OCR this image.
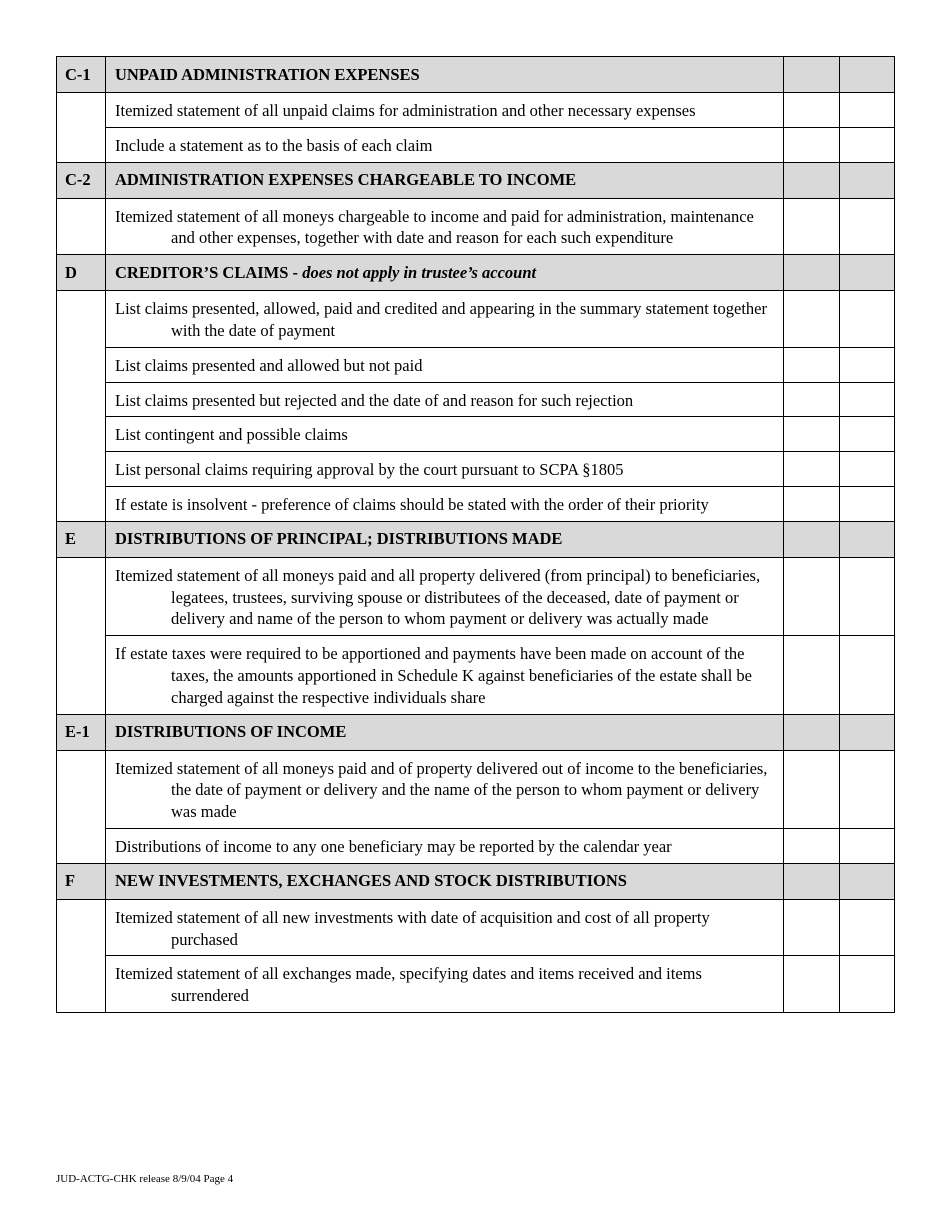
C-1	UNPAID ADMINISTRATION EXPENSES		

	Itemized statement of all unpaid claims for administration and other necessary expenses		

	Include a statement as to the basis of each claim		

C-2	ADMINISTRATION EXPENSES CHARGEABLE TO INCOME		

	Itemized statement of all moneys chargeable to income and paid for administration, maintenance and other expenses, together with date and reason for each such expenditure		

D	CREDITOR’S CLAIMS - does not apply in trustee’s account		

	List claims presented, allowed, paid and credited and appearing in the summary statement together with the date of payment		

	List claims presented and allowed but not paid		

	List claims presented but rejected and the date of and reason for such rejection		

	List contingent and possible claims		

	List personal claims requiring approval by the court pursuant to SCPA §1805		

	If estate is insolvent - preference of claims should be stated with the order of their priority		

E	DISTRIBUTIONS OF PRINCIPAL; DISTRIBUTIONS MADE		

	Itemized statement of all moneys paid and all property delivered (from principal) to beneficiaries, legatees, trustees, surviving spouse or distributees of the deceased, date of payment or delivery and name of the person to whom payment or delivery was actually made		

	If estate taxes were required to be apportioned and payments have been made on account of the taxes, the amounts apportioned in Schedule K against beneficiaries of the estate shall be charged against the respective individuals share		

E-1	DISTRIBUTIONS OF INCOME		

	Itemized statement of all moneys paid and of property delivered out of income to the beneficiaries, the date of payment or delivery and the name of the person to whom payment or delivery was made		

	Distributions of income to any one beneficiary may be reported by the calendar year		

F	NEW INVESTMENTS, EXCHANGES AND STOCK DISTRIBUTIONS		

	Itemized statement of all new investments with date of acquisition and cost of all property purchased		

	Itemized statement of all exchanges made, specifying dates and items received and items surrendered		

JUD-ACTG-CHK release 8/9/04 Page 4
